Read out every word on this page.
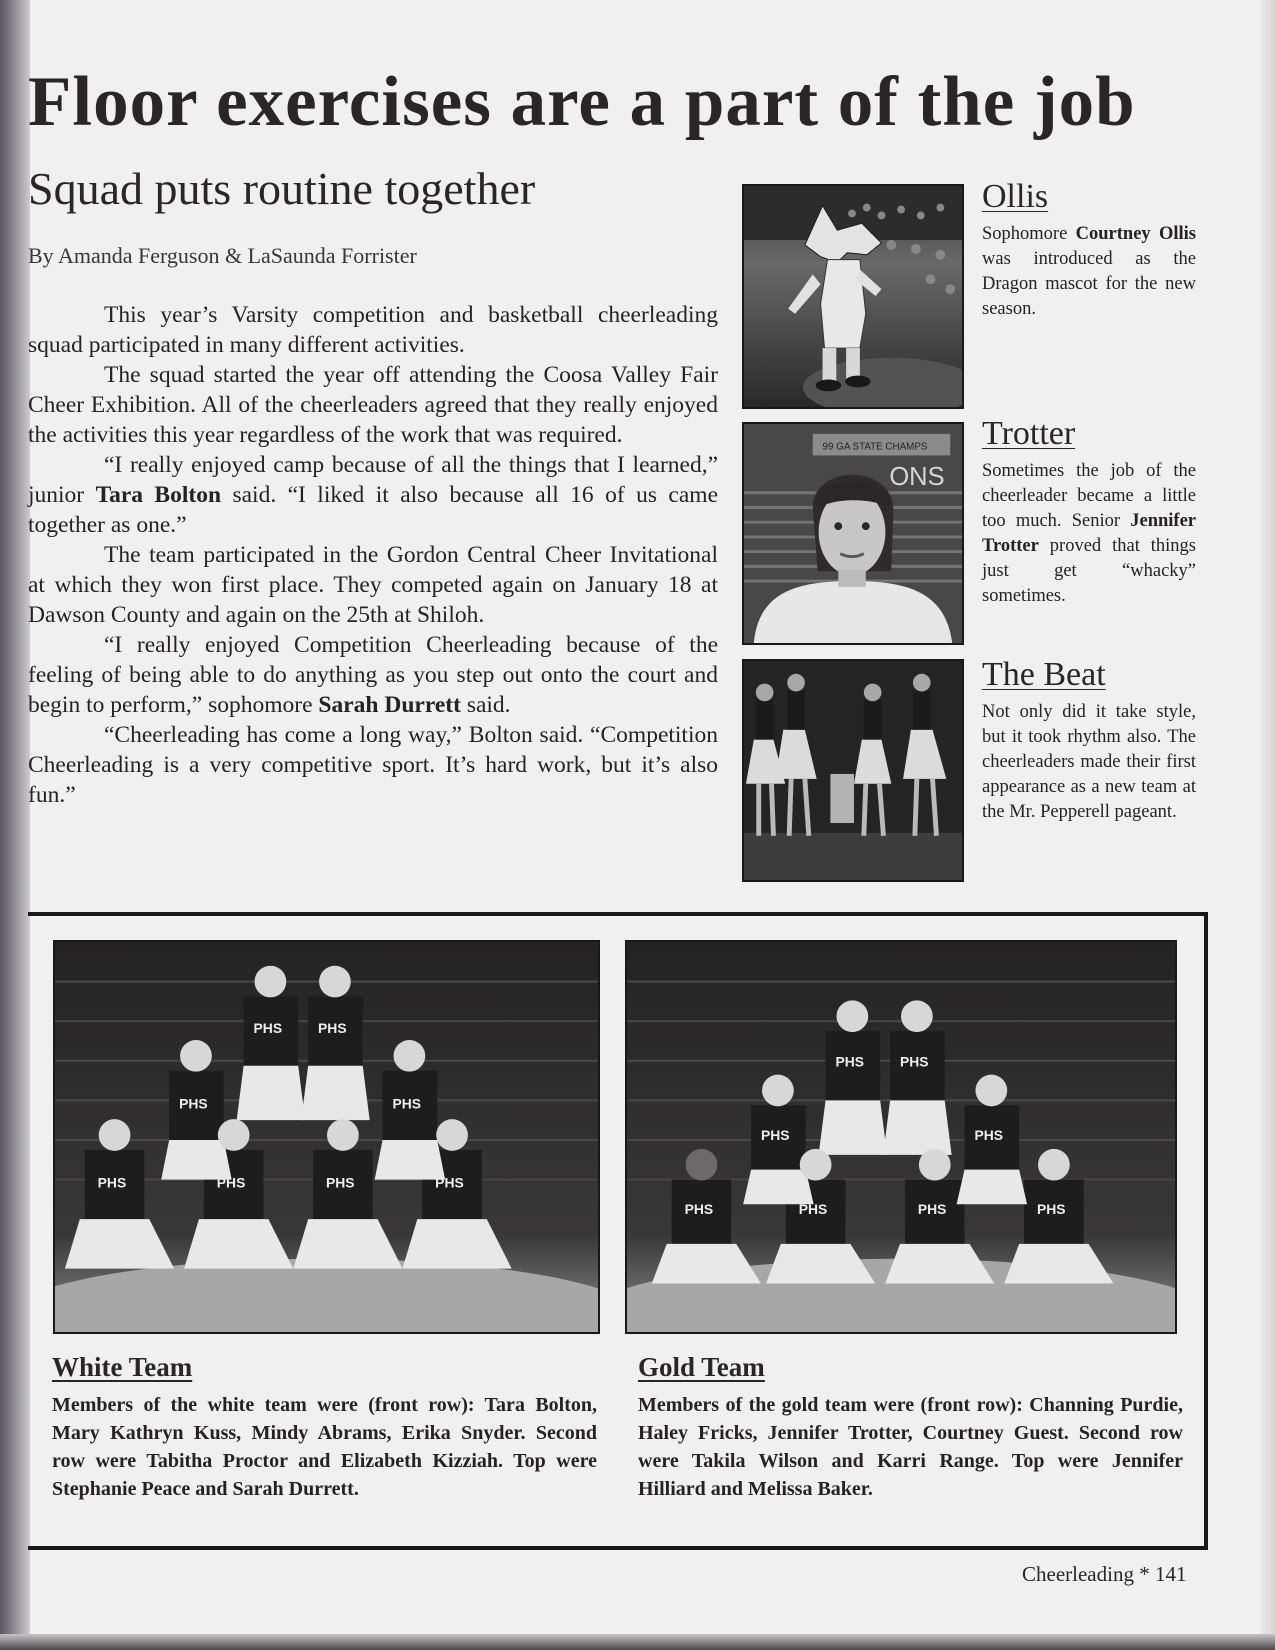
Floor exercises are a part of the job
Squad puts routine together
By Amanda Ferguson & LaSaunda Forrister

This year’s Varsity competition and basketball cheerleading squad participated in many different activities.

The squad started the year off attending the Coosa Valley Fair Cheer Exhibition. All of the cheerleaders agreed that they really enjoyed the activities this year regardless of the work that was required.

“I really enjoyed camp because of all the things that I learned,” junior Tara Bolton said. “I liked it also because all 16 of us came together as one.”

The team participated in the Gordon Central Cheer Invitational at which they won first place. They competed again on January 18 at Dawson County and again on the 25th at Shiloh.

“I really enjoyed Competition Cheerleading because of the feeling of being able to do anything as you step out onto the court and begin to perform,” sophomore Sarah Durrett said.

“Cheerleading has come a long way,” Bolton said. “Competition Cheerleading is a very competitive sport. It’s hard work, but it’s also fun.”

99 GA STATE CHAMPS
ONS
Ollis

Sophomore Courtney Ollis was introduced as the Dragon mascot for the new season.

Trotter

Sometimes the job of the cheerleader became a little too much. Senior Jennifer Trotter proved that things just get “whacky” sometimes.

The Beat

Not only did it take style, but it took rhythm also. The cheerleaders made their first appearance as a new team at the Mr. Pepperell pageant.

PHS	PHS
PHS	PHS
PHS	PHS	PHS	PHS
PHS	PHS
PHS	PHS
PHS	PHS	PHS	PHS
White Team

Members of the white team were (front row): Tara Bolton, Mary Kathryn Kuss, Mindy Abrams, Erika Snyder. Second row were Tabitha Proctor and Elizabeth Kizziah. Top were Stephanie Peace and Sarah Durrett.

Gold Team

Members of the gold team were (front row): Channing Purdie, Haley Fricks, Jennifer Trotter, Courtney Guest. Second row were Takila Wilson and Karri Range. Top were Jennifer Hilliard and Melissa Baker.

Cheerleading * 141
